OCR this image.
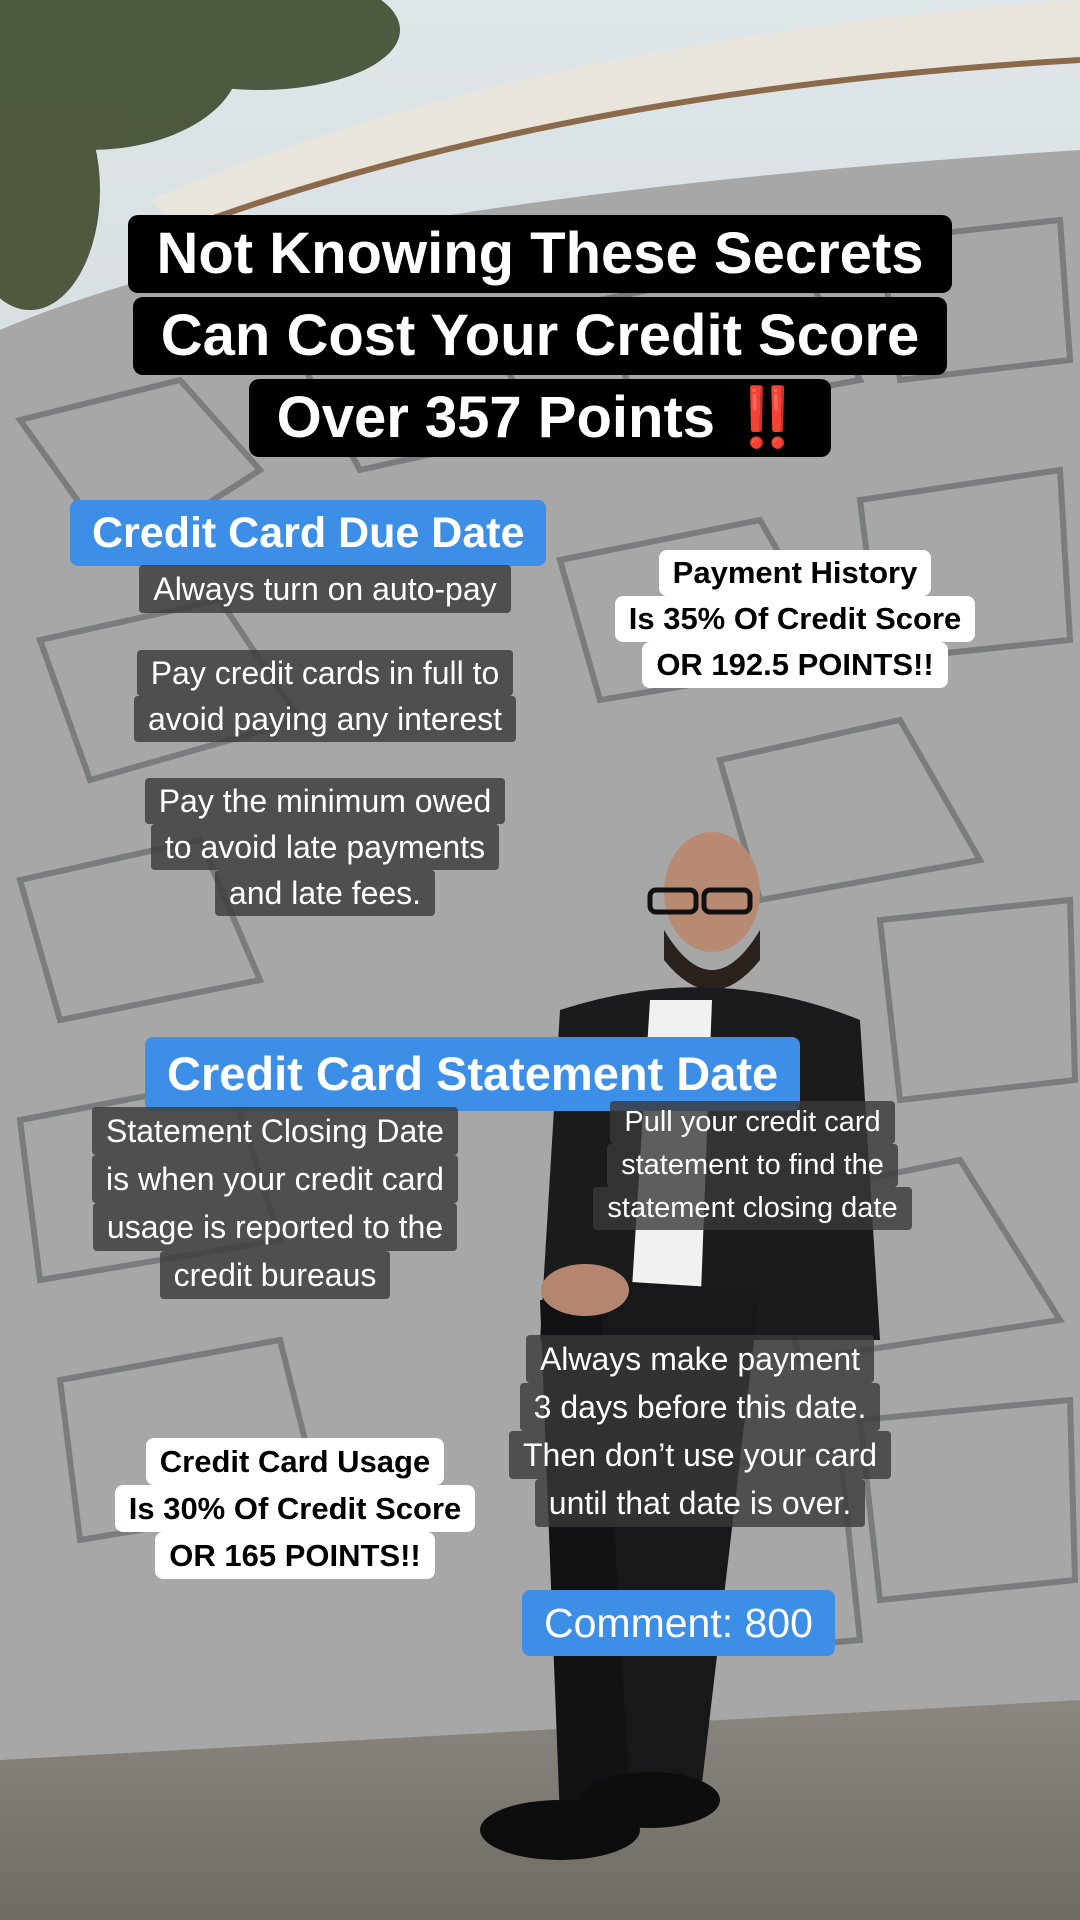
Not Knowing These Secrets
Can Cost Your Credit Score
Over 357 Points ‼️
Credit Card Due Date
Always turn on auto-pay
Pay credit cards in full to
avoid paying any interest
Pay the minimum owed
to avoid late payments
and late fees.
Payment History
Is 35% Of Credit Score
OR 192.5 POINTS!!
Credit Card Statement Date
Statement Closing Date
is when your credit card
usage is reported to the
credit bureaus
Pull your credit card
statement to find the
statement closing date
Always make payment
3 days before this date.
Then don’t use your card
until that date is over.
Credit Card Usage
Is 30% Of Credit Score
OR 165 POINTS!!
Comment: 800
